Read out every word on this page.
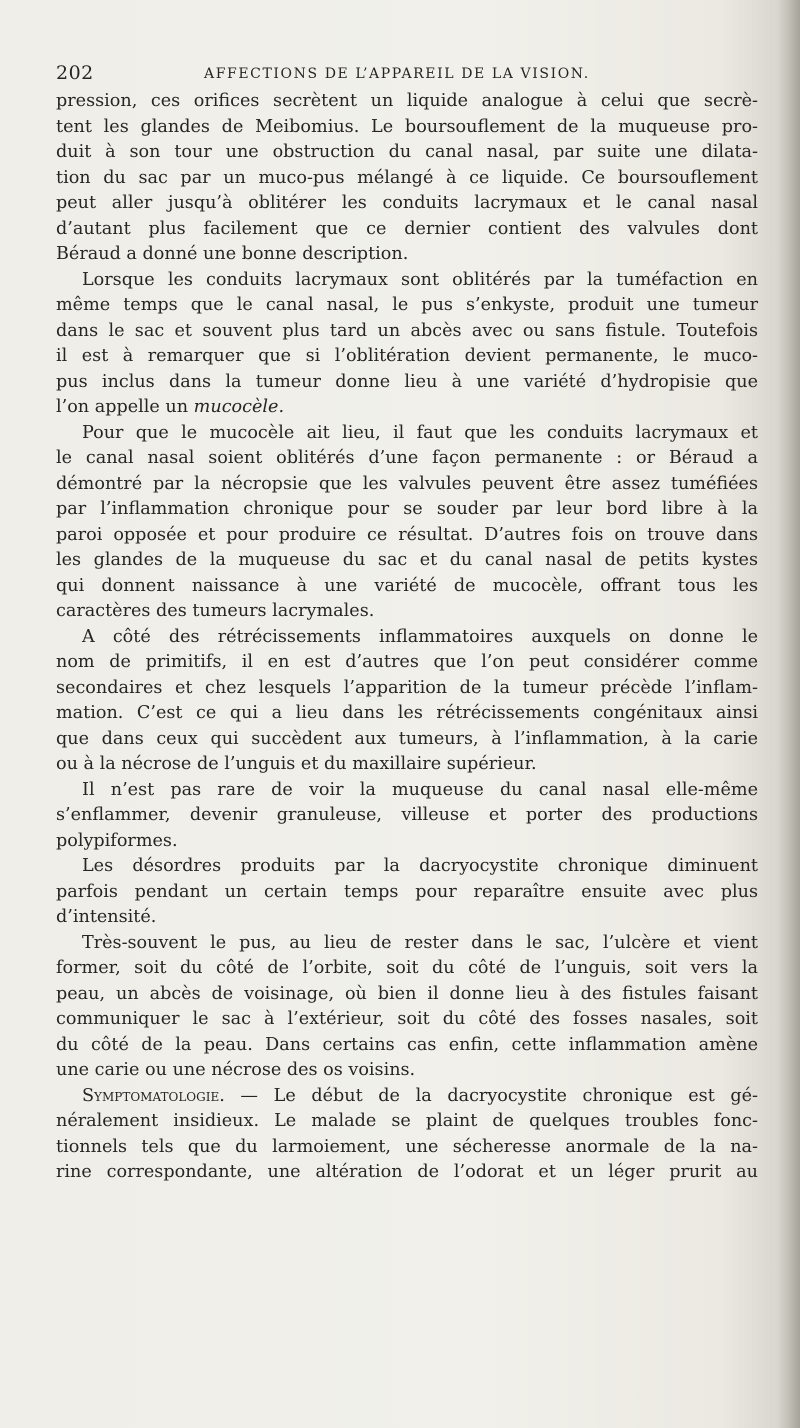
202	AFFECTIONS DE L’APPAREIL DE LA VISION.
pression, ces orifices secrètent un liquide analogue à celui que secrè-
tent les glandes de Meibomius. Le boursouflement de la muqueuse pro-
duit à son tour une obstruction du canal nasal, par suite une dilata-
tion du sac par un muco-pus mélangé à ce liquide. Ce boursouflement
peut aller jusqu’à oblitérer les conduits lacrymaux et le canal nasal
d’autant plus facilement que ce dernier contient des valvules dont
Béraud a donné une bonne description.
Lorsque les conduits lacrymaux sont oblitérés par la tuméfaction en
même temps que le canal nasal, le pus s’enkyste, produit une tumeur
dans le sac et souvent plus tard un abcès avec ou sans fistule. Toutefois
il est à remarquer que si l’oblitération devient permanente, le muco-
pus inclus dans la tumeur donne lieu à une variété d’hydropisie que
l’on appelle un mucocèle.
Pour que le mucocèle ait lieu, il faut que les conduits lacrymaux et
le canal nasal soient oblitérés d’une façon permanente : or Béraud a
démontré par la nécropsie que les valvules peuvent être assez tuméfiées
par l’inflammation chronique pour se souder par leur bord libre à la
paroi opposée et pour produire ce résultat. D’autres fois on trouve dans
les glandes de la muqueuse du sac et du canal nasal de petits kystes
qui donnent naissance à une variété de mucocèle, offrant tous les
caractères des tumeurs lacrymales.
A côté des rétrécissements inflammatoires auxquels on donne le
nom de primitifs, il en est d’autres que l’on peut considérer comme
secondaires et chez lesquels l’apparition de la tumeur précède l’inflam-
mation. C’est ce qui a lieu dans les rétrécissements congénitaux ainsi
que dans ceux qui succèdent aux tumeurs, à l’inflammation, à la carie
ou à la nécrose de l’unguis et du maxillaire supérieur.
Il n’est pas rare de voir la muqueuse du canal nasal elle-même
s’enflammer, devenir granuleuse, villeuse et porter des productions
polypiformes.
Les désordres produits par la dacryocystite chronique diminuent
parfois pendant un certain temps pour reparaître ensuite avec plus
d’intensité.
Très-souvent le pus, au lieu de rester dans le sac, l’ulcère et vient
former, soit du côté de l’orbite, soit du côté de l’unguis, soit vers la
peau, un abcès de voisinage, où bien il donne lieu à des fistules faisant
communiquer le sac à l’extérieur, soit du côté des fosses nasales, soit
du côté de la peau. Dans certains cas enfin, cette inflammation amène
une carie ou une nécrose des os voisins.
Symptomatologie. — Le début de la dacryocystite chronique est gé-
néralement insidieux. Le malade se plaint de quelques troubles fonc-
tionnels tels que du larmoiement, une sécheresse anormale de la na-
rine correspondante, une altération de l’odorat et un léger prurit au
